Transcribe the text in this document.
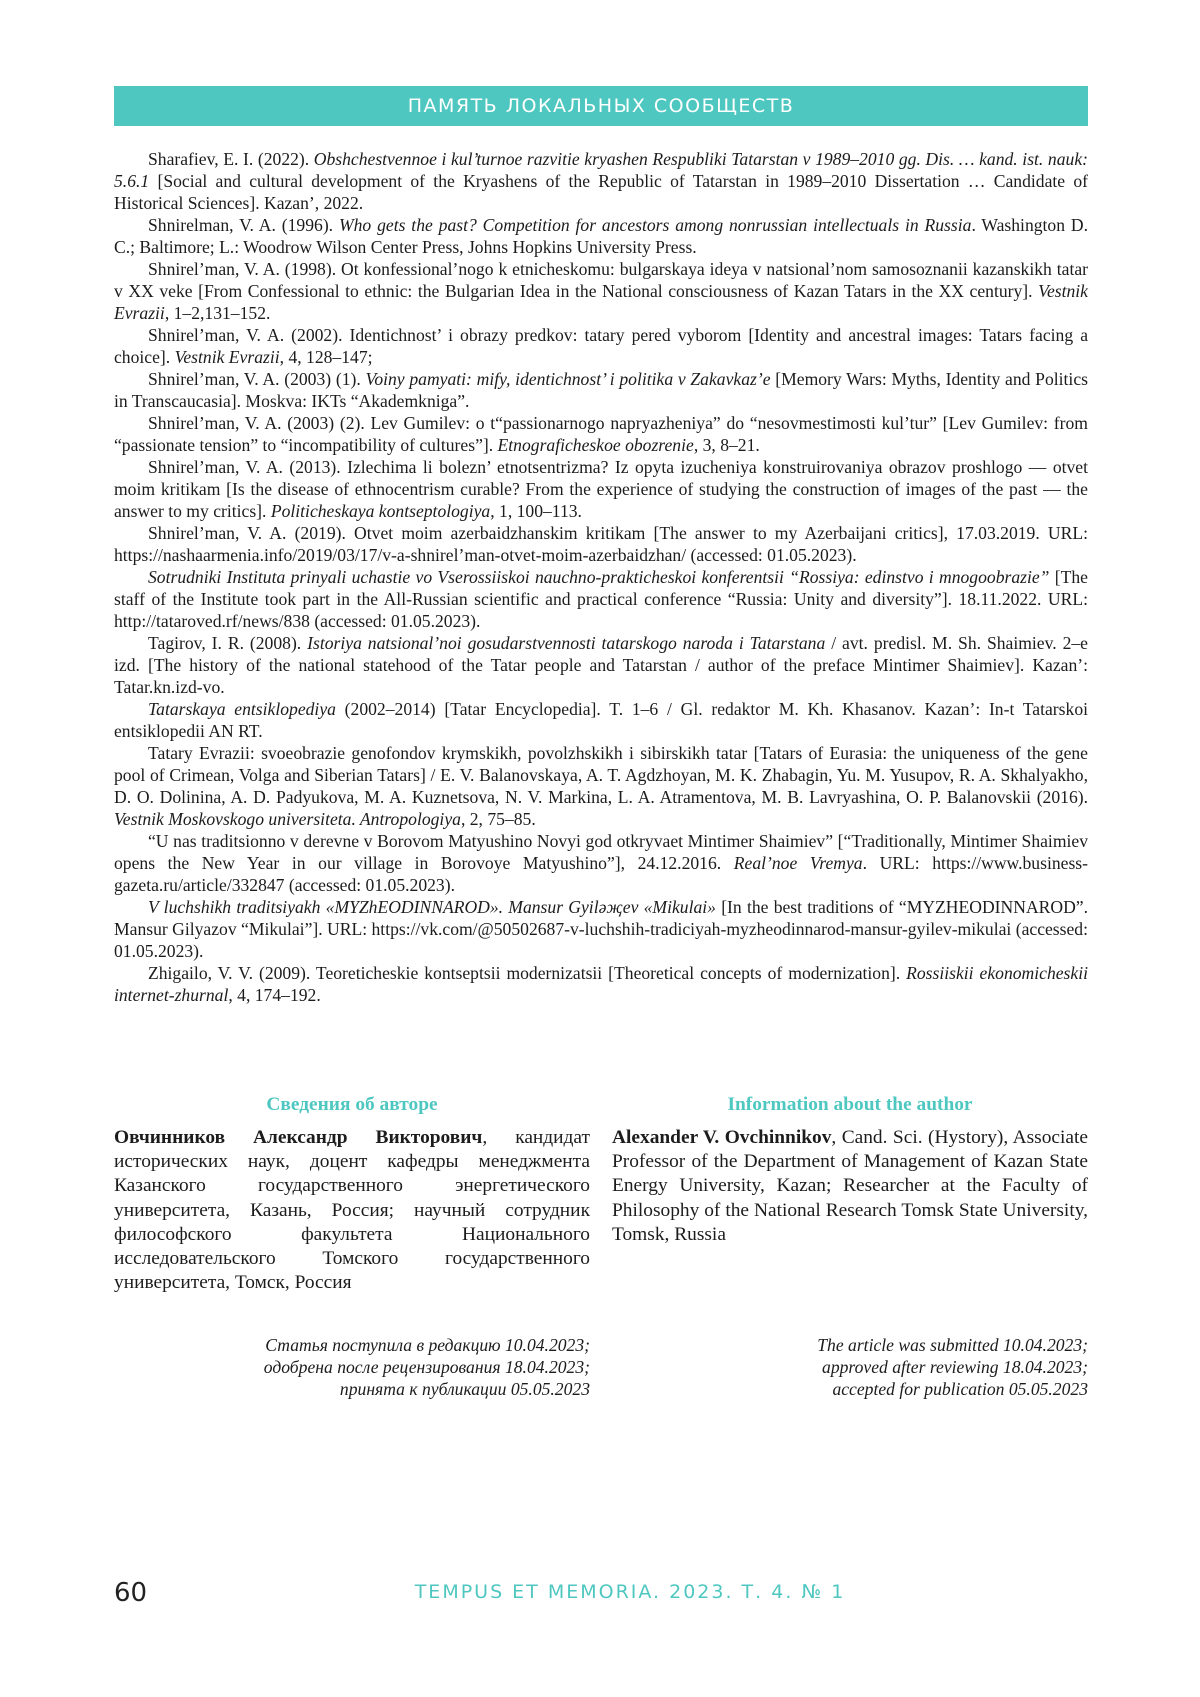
ПАМЯТЬ ЛОКАЛЬНЫХ СООБЩЕСТВ

Sharafiev, E. I. (2022). Obshchestvennoe i kul’turnoe razvitie kryashen Respubliki Tatarstan v 1989–2010 gg. Dis. … kand. ist. nauk: 5.6.1 [Social and cultural development of the Kryashens of the Republic of Tatarstan in 1989–2010 Dissertation … Candidate of Historical Sciences]. Kazan’, 2022.

Shnirelman, V. A. (1996). Who gets the past? Competition for ancestors among nonrussian intellectuals in Russia. Washington D. C.; Baltimore; L.: Woodrow Wilson Center Press, Johns Hopkins University Press.

Shnirel’man, V. A. (1998). Ot konfessional’nogo k etnicheskomu: bulgarskaya ideya v natsional’nom samosoznanii kazanskikh tatar v XX veke [From Confessional to ethnic: the Bulgarian Idea in the National consciousness of Kazan Tatars in the XX century]. Vestnik Evrazii, 1–2,131–152.

Shnirel’man, V. A. (2002). Identichnost’ i obrazy predkov: tatary pered vyborom [Identity and ancestral images: Tatars facing a choice]. Vestnik Evrazii, 4, 128–147;

Shnirel’man, V. A. (2003) (1). Voiny pamyati: mify, identichnost’ i politika v Zakavkaz’e [Memory Wars: Myths, Identity and Politics in Transcaucasia]. Moskva: IKTs “Akademkniga”.

Shnirel’man, V. A. (2003) (2). Lev Gumilev: o t“passionarnogo napryazheniya” do “nesovmestimosti kul’tur” [Lev Gumilev: from “passionate tension” to “incompatibility of cultures”]. Etnograficheskoe obozrenie, 3, 8–21.

Shnirel’man, V. A. (2013). Izlechima li bolezn’ etnotsentrizma? Iz opyta izucheniya konstruirovaniya obrazov proshlogo — otvet moim kritikam [Is the disease of ethnocentrism curable? From the experience of studying the construction of images of the past — the answer to my critics]. Politicheskaya kontseptologiya, 1, 100–113.

Shnirel’man, V. A. (2019). Otvet moim azerbaidzhanskim kritikam [The answer to my Azerbaijani critics], 17.03.2019. URL: https://nashaarmenia.info/2019/03/17/v-a-shnirel’man-otvet-moim-azerbaidzhan/ (accessed: 01.05.2023).

Sotrudniki Instituta prinyali uchastie vo Vserossiiskoi nauchno-prakticheskoi konferentsii “Rossiya: edinstvo i mnogoobrazie” [The staff of the Institute took part in the All-Russian scientific and practical conference “Russia: Unity and diversity”]. 18.11.2022. URL: http://tataroved.rf/news/838 (accessed: 01.05.2023).

Tagirov, I. R. (2008). Istoriya natsional’noi gosudarstvennosti tatarskogo naroda i Tatarstana / avt. predisl. M. Sh. Shaimiev. 2–e izd. [The history of the national statehood of the Tatar people and Tatarstan / author of the preface Mintimer Shaimiev]. Kazan’: Tatar.kn.izd-vo.

Tatarskaya entsiklopediya (2002–2014) [Tatar Encyclopedia]. T. 1–6 / Gl. redaktor M. Kh. Khasanov. Kazan’: In-t Tatarskoi entsiklopedii AN RT.

Tatary Evrazii: svoeobrazie genofondov krymskikh, povolzhskikh i sibirskikh tatar [Tatars of Eurasia: the uniqueness of the gene pool of Crimean, Volga and Siberian Tatars] / E. V. Balanovskaya, A. T. Agdzhoyan, M. K. Zhabagin, Yu. M. Yusupov, R. A. Skhalyakho, D. O. Dolinina, A. D. Padyukova, M. A. Kuznetsova, N. V. Markina, L. A. Atramentova, M. B. Lavryashina, O. P. Balanovskii (2016). Vestnik Moskovskogo universiteta. Antropologiya, 2, 75–85.

“U nas traditsionno v derevne v Borovom Matyushino Novyi god otkryvaet Mintimer Shaimiev” [“Traditionally, Mintimer Shaimiev opens the New Year in our village in Borovoye Matyushino”], 24.12.2016. Real’noe Vremya. URL: https://www.business-gazeta.ru/article/332847 (accessed: 01.05.2023).

V luchshikh traditsiyakh «MYZhEODINNAROD». Mansur Gyilәҗev «Mikulai» [In the best traditions of “MYZHEODINNAROD”. Mansur Gilyazov “Mikulai”]. URL: https://vk.com/@50502687-v-luchshih-tradiciyah-myzheodinnarod-mansur-gyilev-mikulai (accessed: 01.05.2023).

Zhigailo, V. V. (2009). Teoreticheskie kontseptsii modernizatsii [Theoretical concepts of modernization]. Rossiiskii ekonomicheskii internet-zhurnal, 4, 174–192.

Сведения об авторе

Овчинников Александр Викторович, кандидат исторических наук, доцент кафедры менеджмента Казанского государственного энергетического университета, Казань, Россия; научный сотрудник философского факультета Национального исследовательского Томского государственного университета, Томск, Россия

Information about the author

Alexander V. Ovchinnikov, Cand. Sci. (Hystory), Associate Professor of the Department of Management of Kazan State Energy University, Kazan; Researcher at the Faculty of Philosophy of the National Research Tomsk State University, Tomsk, Russia

Статья поступила в редакцию 10.04.2023;
одобрена после рецензирования 18.04.2023;
принята к публикации 05.05.2023
The article was submitted 10.04.2023;
approved after reviewing 18.04.2023;
accepted for publication 05.05.2023
60	TEMPUS ET MEMORIA. 2023. Т. 4. № 1
